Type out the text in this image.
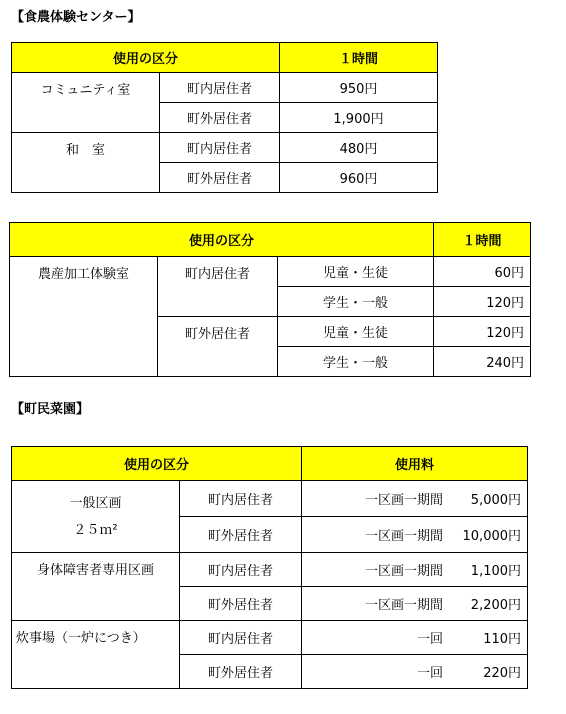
【食農体験センター】
使用の区分		１時間
コミュニティ室	町内居住者	950円
	町外居住者	1,900円
和　室	町内居住者	480円
	町外居住者	960円
使用の区分			１時間
農産加工体験室	町内居住者	児童・生徒	60円
		学生・一般	120円
	町外居住者	児童・生徒	120円
		学生・一般	240円
【町民菜園】
使用の区分		使用料

一般区画
２５ｍ²	町内居住者	一区画一期間 5,000円

	町外居住者	一区画一期間 10,000円

身体障害者専用区画	町内居住者	一区画一期間 1,100円

	町外居住者	一区画一期間 2,200円

炊事場（一炉につき）	町内居住者	一回 110円

	町外居住者	一回 220円
